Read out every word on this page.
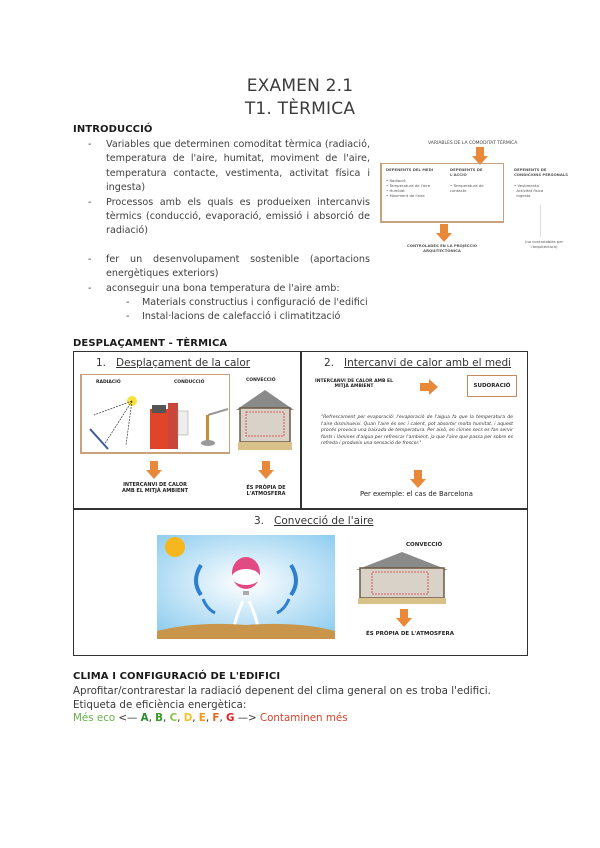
EXAMEN 2.1
T1. TÈRMICA
INTRODUCCIÓ
- Variables que determinen comoditat tèrmica (radiació, temperatura de l'aire, humitat, moviment de l'aire, temperatura contacte, vestimenta, activitat física i ingesta)
- Processos amb els quals es produeixen intercanvis tèrmics (conducció, evaporació, emissió i absorció de radiació)
- fer un desenvolupament sostenible (aportacions energètiques exteriors)
- aconseguir una bona temperatura de l'aire amb:
- Materials constructius i configuració de l'edifici
- Instal·lacions de calefacció i climatització
VARIABLES DE LA COMODITAT TÈRMICA
DEPENENTS DEL MEDI
• Radiació
• Temperatura de l'aire
• Humitat
• Moviment de l'aire
DEPENENTS DE L'ACCIÓ
• Temperatura de contacte
DEPENENTS DE CONDICIONS PERSONALS
• Vestimenta
Activitat física
Ingesta
CONTROLADES EN LA PROJECCIÓ ARQUITECTÒNICA
(no controlables per l'arquitectura)
DESPLAÇAMENT - TÈRMICA
1. Desplaçament de la calor
RADIACIÓ	CONDUCCIÓ	CONVECCIÓ
INTERCANVI DE CALOR AMB EL MITJÀ AMBIENT	ÉS PRÒPIA DE L'ATMOSFERA
2. Intercanvi de calor amb el medi
INTERCANVI DE CALOR AMB EL MITJÀ AMBIENT	SUDORACIÓ
"Refrescament per evaporació: l'evaporació de l'aigua fa que la temperatura de l'aire disminueixi. Quan l'aire és sec i calent, pot absorbir molta humitat, i aquest procés provoca una baixada de temperatura. Per això, en climes secs es fan servir fonts i làmines d'aigua per refrescar l'ambient, ja que l'aire que passa per sobre es refreda i produeix una sensació de frescor."
Per exemple: el cas de Barcelona
3. Convecció de l'aire
CONVECCIÓ
ÉS PRÒPIA DE L'ATMOSFERA
CLIMA I CONFIGURACIÓ DE L'EDIFICI
Aprofitar/contrarestar la radiació depenent del clima general on es troba l'edifici.
Etiqueta de eficiència energètica:
Més eco <— A, B, C, D, E, F, G —> Contaminen més
